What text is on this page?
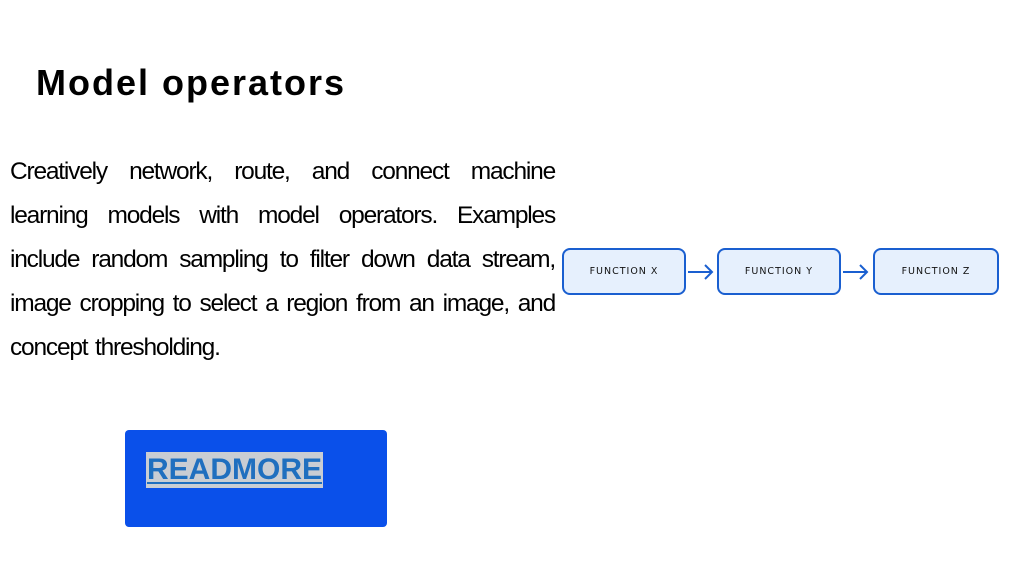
Model operators

Creatively network, route, and connect machine learning models with model operators. Examples include random sampling to filter down data stream, image cropping to select a region from an image, and concept thresholding.

READMORE
FUNCTION X	FUNCTION Y	FUNCTION Z
